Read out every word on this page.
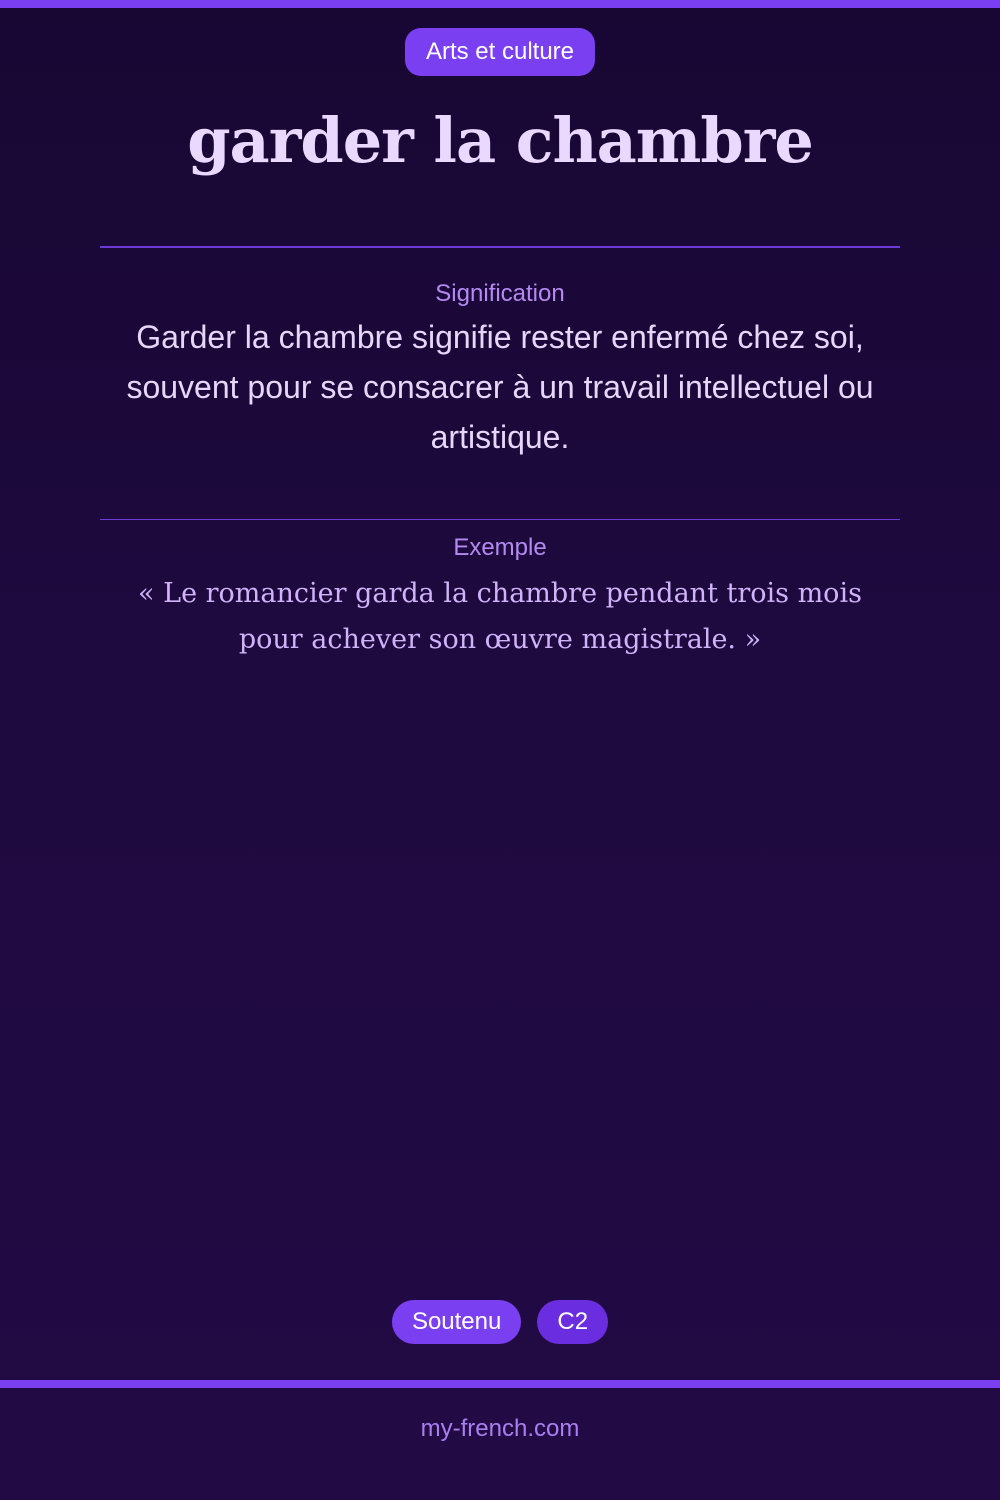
Arts et culture
garder la chambre
Signification
Garder la chambre signifie rester enfermé chez soi, souvent pour se consacrer à un travail intellectuel ou artistique.
Exemple
« Le romancier garda la chambre pendant trois mois pour achever son œuvre magistrale. »
Soutenu	C2
my-french.com
